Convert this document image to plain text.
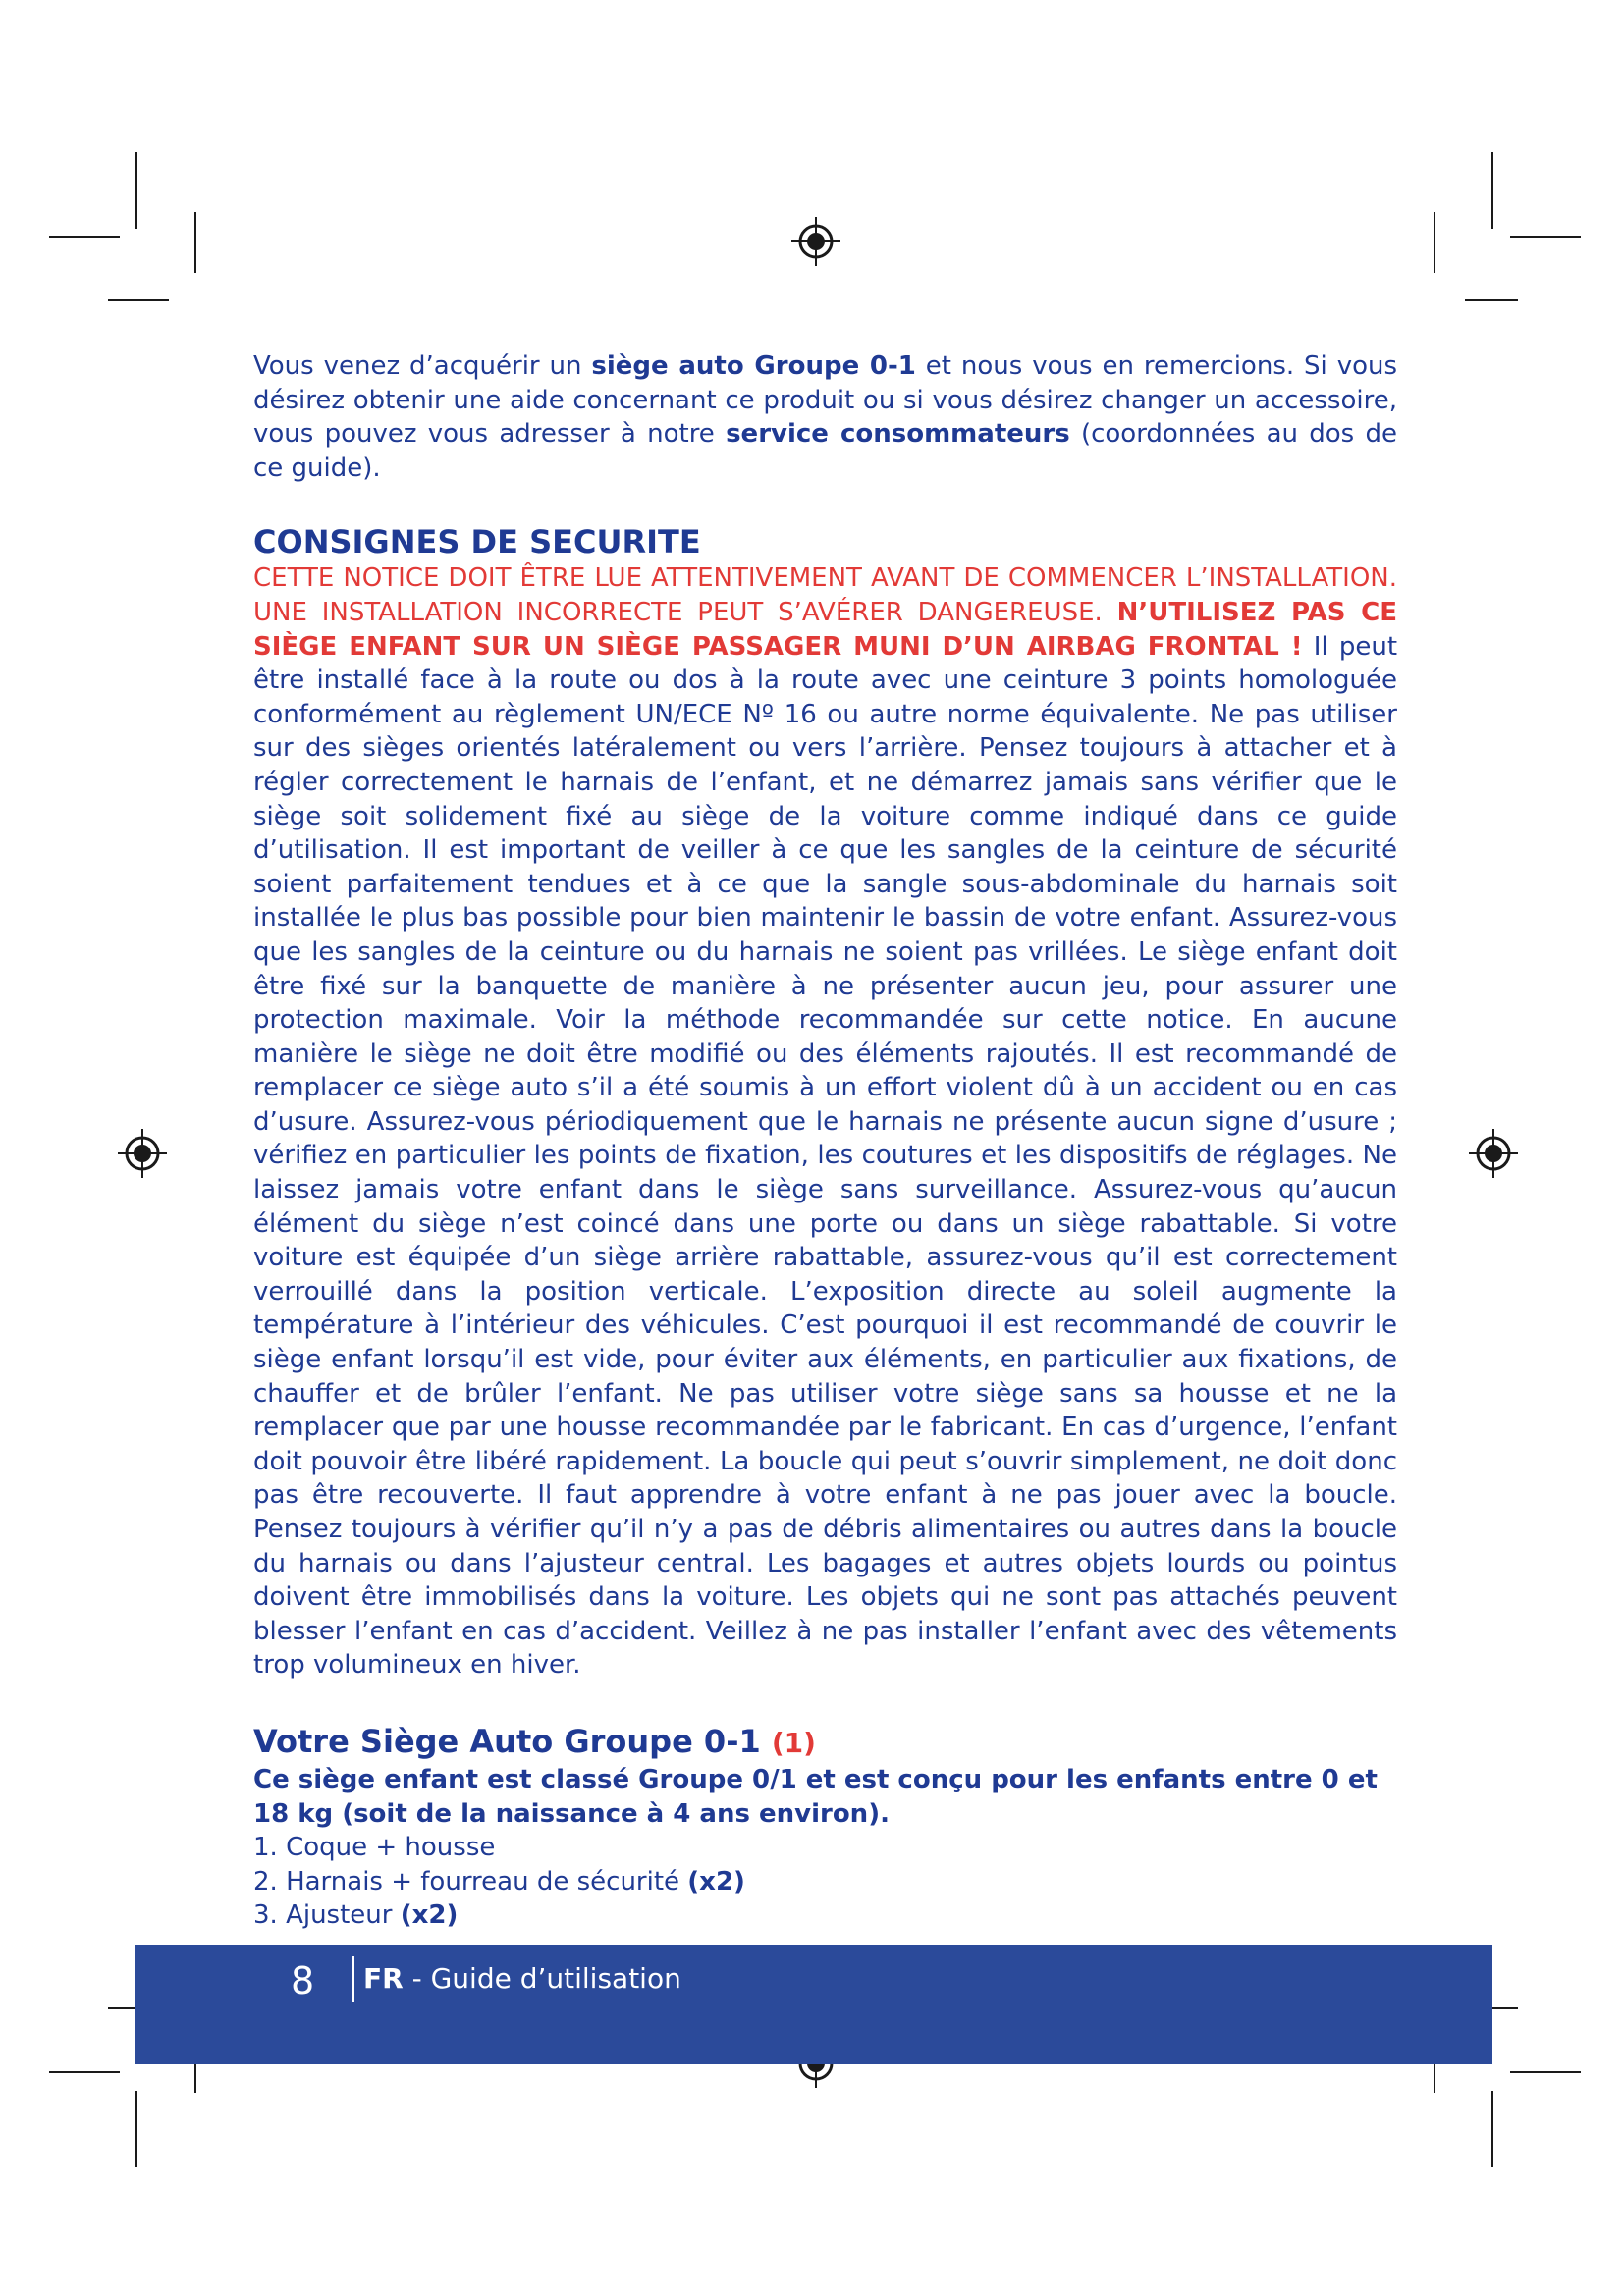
Vous venez d’acquérir un siège auto Groupe 0-1 et nous vous en remercions. Si vous désirez obtenir une aide concernant ce produit ou si vous désirez changer un accessoire, vous pouvez vous adresser à notre service consommateurs (coordonnées au dos de ce guide).

CONSIGNES DE SECURITE

CETTE NOTICE DOIT ÊTRE LUE ATTENTIVEMENT AVANT DE COMMENCER L’INSTALLATION. UNE INSTALLATION INCORRECTE PEUT S’AVÉRER DANGEREUSE. N’UTILISEZ PAS CE SIÈGE ENFANT SUR UN SIÈGE PASSAGER MUNI D’UN AIRBAG FRONTAL ! Il peut être installé face à la route ou dos à la route avec une ceinture 3 points homologuée conformément au règlement UN/ECE Nº 16 ou autre norme équivalente. Ne pas utiliser sur des sièges orientés latéralement ou vers l’arrière. Pensez toujours à attacher et à régler correctement le harnais de l’enfant, et ne démarrez jamais sans vérifier que le siège soit solidement fixé au siège de la voiture comme indiqué dans ce guide d’utilisation. Il est important de veiller à ce que les sangles de la ceinture de sécurité soient parfaitement tendues et à ce que la sangle sous-abdominale du harnais soit installée le plus bas possible pour bien maintenir le bassin de votre enfant. Assurez-vous que les sangles de la ceinture ou du harnais ne soient pas vrillées. Le siège enfant doit être fixé sur la banquette de manière à ne présenter aucun jeu, pour assurer une protection maximale. Voir la méthode recommandée sur cette notice. En aucune manière le siège ne doit être modifié ou des éléments rajoutés. Il est recommandé de remplacer ce siège auto s’il a été soumis à un effort violent dû à un accident ou en cas d’usure. Assurez-vous périodiquement que le harnais ne présente aucun signe d’usure ; vérifiez en particulier les points de fixation, les coutures et les dispositifs de réglages. Ne laissez jamais votre enfant dans le siège sans surveillance. Assurez-vous qu’aucun élément du siège n’est coincé dans une porte ou dans un siège rabattable. Si votre voiture est équipée d’un siège arrière rabattable, assurez-vous qu’il est correctement verrouillé dans la position verticale. L’exposition directe au soleil augmente la température à l’intérieur des véhicules. C’est pourquoi il est recommandé de couvrir le siège enfant lorsqu’il est vide, pour éviter aux éléments, en particulier aux fixations, de chauffer et de brûler l’enfant. Ne pas utiliser votre siège sans sa housse et ne la remplacer que par une housse recommandée par le fabricant. En cas d’urgence, l’enfant doit pouvoir être libéré rapidement. La boucle qui peut s’ouvrir simplement, ne doit donc pas être recouverte. Il faut apprendre à votre enfant à ne pas jouer avec la boucle. Pensez toujours à vérifier qu’il n’y a pas de débris alimentaires ou autres dans la boucle du harnais ou dans l’ajusteur central. Les bagages et autres objets lourds ou pointus doivent être immobilisés dans la voiture. Les objets qui ne sont pas attachés peuvent blesser l’enfant en cas d’accident. Veillez à ne pas installer l’enfant avec des vêtements trop volumineux en hiver.

Votre Siège Auto Groupe 0-1 (1)

Ce siège enfant est classé Groupe 0/1 et est conçu pour les enfants entre 0 et 18 kg (soit de la naissance à 4 ans environ).

1. Coque + housse

2. Harnais + fourreau de sécurité (x2)

3. Ajusteur (x2)

8	FR - Guide d’utilisation
